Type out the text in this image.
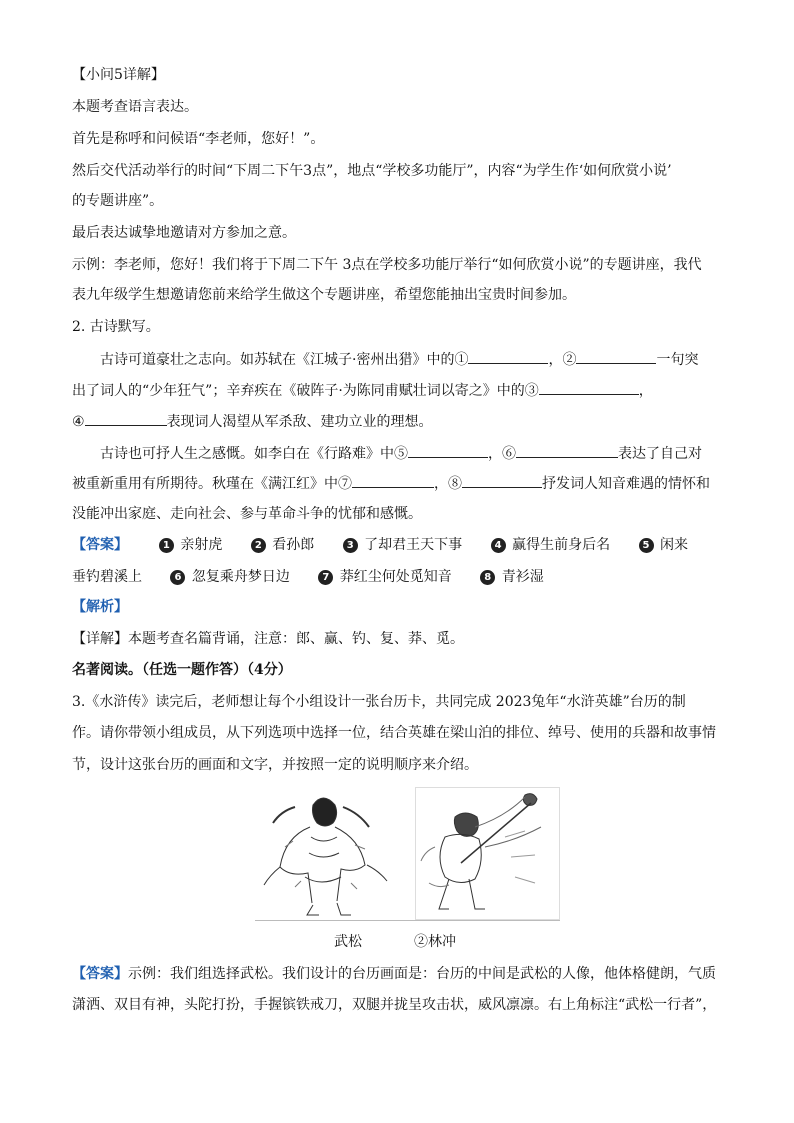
【小问5详解】
本题考查语言表达。
首先是称呼和问候语“李老师，您好！”。
然后交代活动举行的时间“下周二下午3点”，地点“学校多功能厅”，内容“为学生作‘如何欣赏小说’
的专题讲座”。
最后表达诚挚地邀请对方参加之意。
示例：李老师，您好！我们将于下周二下午 3点在学校多功能厅举行“如何欣赏小说”的专题讲座，我代
表九年级学生想邀请您前来给学生做这个专题讲座，希望您能抽出宝贵时间参加。
2. 古诗默写。
古诗可道豪壮之志向。如苏轼在《江城子·密州出猎》中的①	，②	一句突
出了词人的“少年狂气”；辛弃疾在《破阵子·为陈同甫赋壮词以寄之》中的③	，
④	表现词人渴望从军杀敌、建功立业的理想。
古诗也可抒人生之感慨。如李白在《行路难》中⑤	，⑥	表达了自己对
被重新重用有所期待。秋瑾在《满江红》中⑦	，⑧	抒发词人知音难遇的情怀和
没能冲出家庭、走向社会、参与革命斗争的忧郁和感慨。
【答案】	1 亲射虎	2 看孙郎	3 了却君王天下事	4 赢得生前身后名	5 闲来
垂钓碧溪上	6 忽复乘舟梦日边	7 莽红尘何处觅知音	8 青衫湿
【解析】
【详解】本题考查名篇背诵，注意：郎、赢、钓、复、莽、觅。
名著阅读。（任选一题作答）（4分）
3.《水浒传》读完后，老师想让每个小组设计一张台历卡，共同完成 2023兔年“水浒英雄”台历的制
作。请你带领小组成员，从下列选项中选择一位，结合英雄在梁山泊的排位、绰号、使用的兵器和故事情
节，设计这张台历的画面和文字，并按照一定的说明顺序来介绍。
武松	②林冲
【答案】示例：我们组选择武松。我们设计的台历画面是：台历的中间是武松的人像，他体格健朗，气质
潇洒、双目有神，头陀打扮，手握镔铁戒刀，双腿并拢呈攻击状，威风凛凛。右上角标注“武松一行者”，
